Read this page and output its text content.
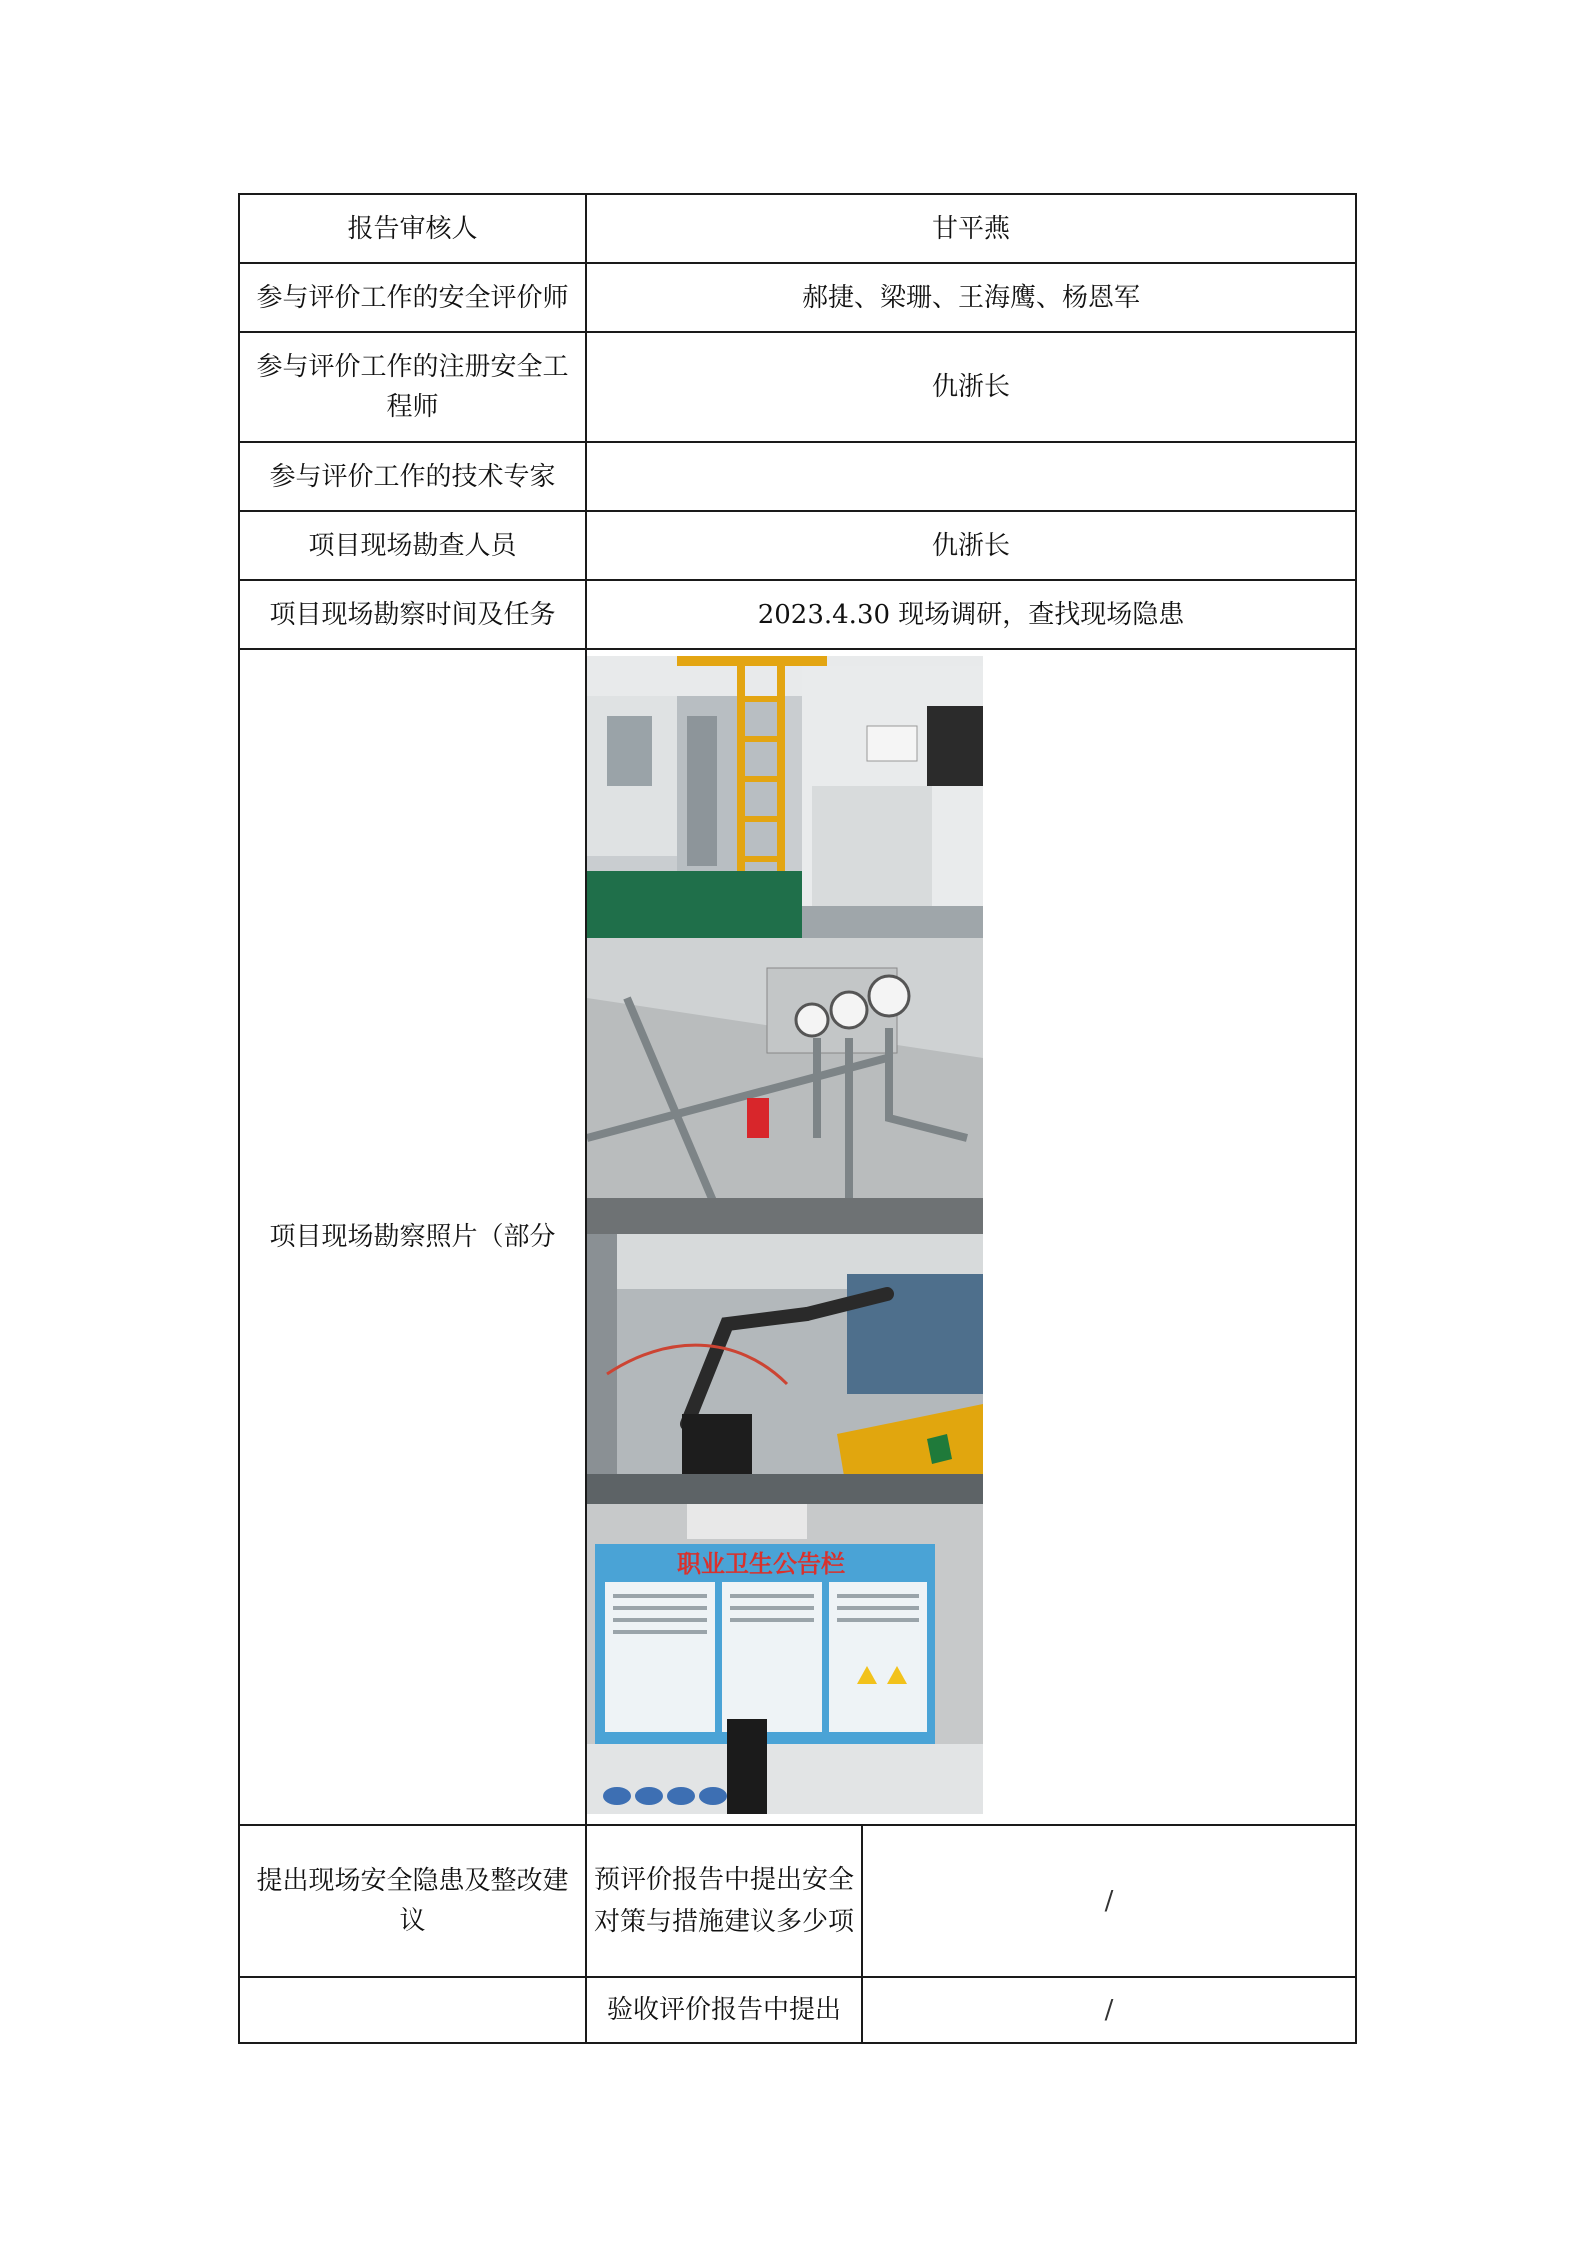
报告审核人	甘平燕	
参与评价工作的安全评价师	郝捷、梁珊、王海鹰、杨恩军	
参与评价工作的注册安全工程师	仇浙长	
参与评价工作的技术专家		
项目现场勘查人员	仇浙长	
项目现场勘察时间及任务	2023.4.30 现场调研，查找现场隐患	
项目现场勘察照片（部分	职业卫生公告栏	

提出现场安全隐患及整改建议	预评价报告中提出安全对策与措施建议多少项	/
	验收评价报告中提出	/
